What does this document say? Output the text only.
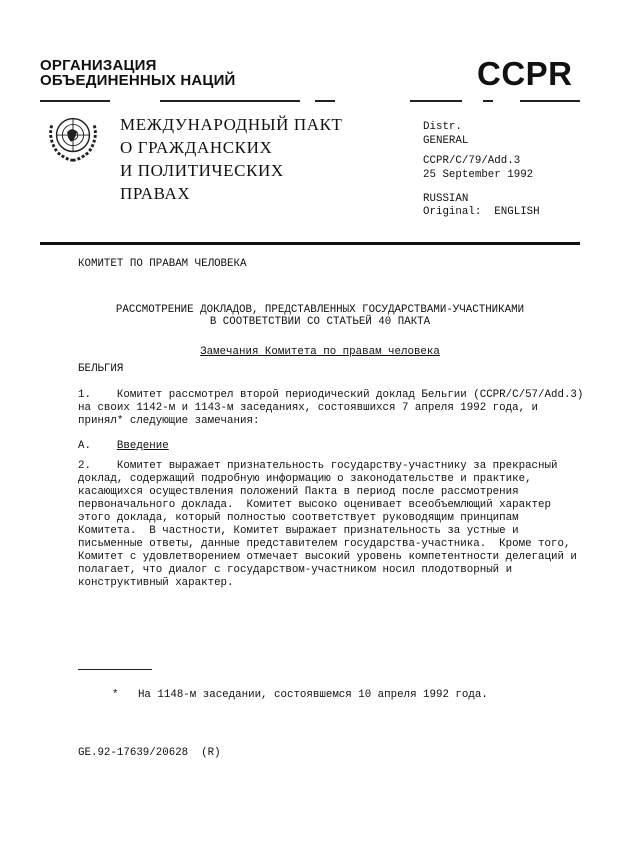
ОРГАНИЗАЦИЯ
ОБЪЕДИНЕННЫХ НАЦИЙ	CCPR
МЕЖДУНАРОДНЫЙ ПАКТ
О ГРАЖДАНСКИХ
И ПОЛИТИЧЕСКИХ
ПРАВАХ
Distr.
GENERAL
CCPR/C/79/Add.3
25 September 1992
RUSSIAN
Original:  ENGLISH
КОМИТЕТ ПО ПРАВАМ ЧЕЛОВЕКА
РАССМОТРЕНИЕ ДОКЛАДОВ, ПРЕДСТАВЛЕННЫХ ГОСУДАРСТВАМИ-УЧАСТНИКАМИ
В СООТВЕТСТВИИ СО СТАТЬЕЙ 40 ПАКТА
Замечания Комитета по правам человека
БЕЛЬГИЯ
1.    Комитет рассмотрел второй периодический доклад Бельгии (CCPR/C/57/Add.3)
на своих 1142-м и 1143-м заседаниях, состоявшихся 7 апреля 1992 года, и
принял* следующие замечания:
A. Введение
2.    Комитет выражает признательность государству-участнику за прекрасный
доклад, содержащий подробную информацию о законодательстве и практике,
касающихся осуществления положений Пакта в период после рассмотрения
первоначального доклада.  Комитет высоко оценивает всеобъемлющий характер
этого доклада, который полностью соответствует руководящим принципам
Комитета.  В частности, Комитет выражает признательность за устные и
письменные ответы, данные представителем государства-участника.  Кроме того,
Комитет с удовлетворением отмечает высокий уровень компетентности делегаций и
полагает, что диалог с государством-участником носил плодотворный и
конструктивный характер.
* На 1148-м заседании, состоявшемся 10 апреля 1992 года.
GE.92-17639/20628  (R)
